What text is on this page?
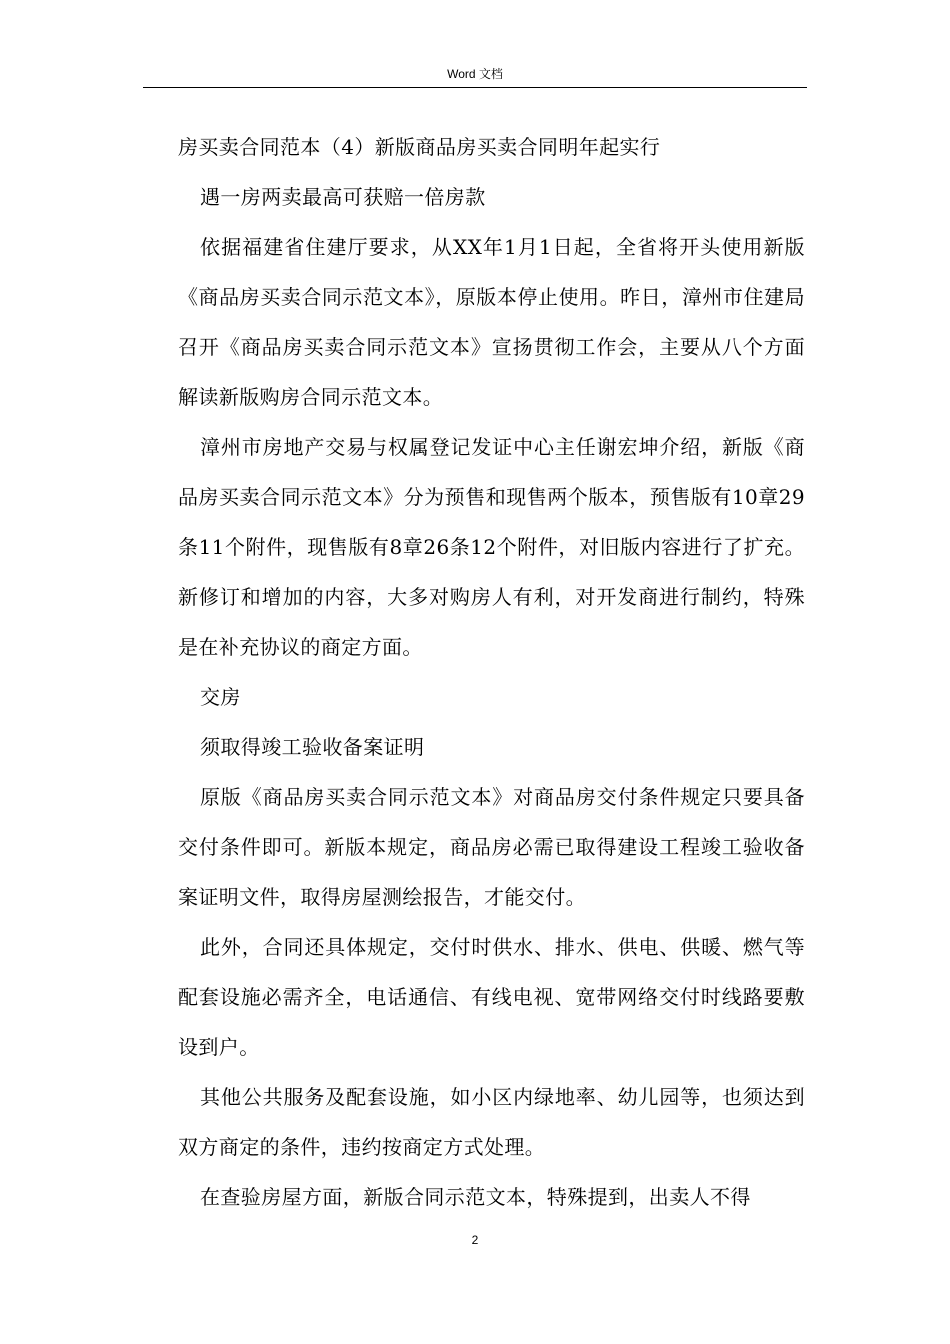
Word 文档

房买卖合同范本（4）新版商品房买卖合同明年起实行

遇一房两卖最高可获赔一倍房款

依据福建省住建厅要求，从XX年1月1日起，全省将开头使用新版《商品房买卖合同示范文本》，原版本停止使用。昨日，漳州市住建局召开《商品房买卖合同示范文本》宣扬贯彻工作会，主要从八个方面解读新版购房合同示范文本。

漳州市房地产交易与权属登记发证中心主任谢宏坤介绍，新版《商品房买卖合同示范文本》分为预售和现售两个版本，预售版有10章29条11个附件，现售版有8章26条12个附件，对旧版内容进行了扩充。新修订和增加的内容，大多对购房人有利，对开发商进行制约，特殊是在补充协议的商定方面。

交房

须取得竣工验收备案证明

原版《商品房买卖合同示范文本》对商品房交付条件规定只要具备交付条件即可。新版本规定，商品房必需已取得建设工程竣工验收备案证明文件，取得房屋测绘报告，才能交付。

此外，合同还具体规定，交付时供水、排水、供电、供暖、燃气等配套设施必需齐全，电话通信、有线电视、宽带网络交付时线路要敷设到户。

其他公共服务及配套设施，如小区内绿地率、幼儿园等，也须达到双方商定的条件，违约按商定方式处理。

在查验房屋方面，新版合同示范文本，特殊提到，出卖人不得

2
